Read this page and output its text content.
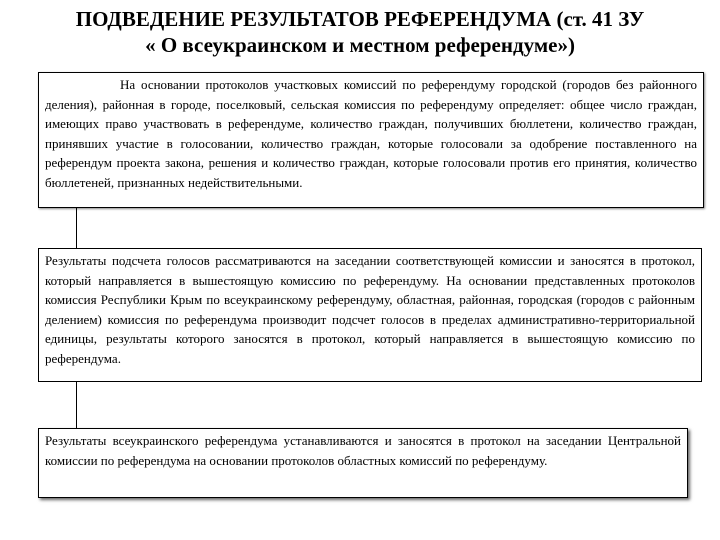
ПОДВЕДЕНИЕ РЕЗУЛЬТАТОВ РЕФЕРЕНДУМА (ст. 41 ЗУ
« О всеукраинском и местном референдуме»)

На основании протоколов участковых комиссий по референдуму городской (городов без районного деления), районная в городе, поселковый, сельская комиссия по референдуму определяет: общее число граждан, имеющих право участвовать в референдуме, количество граждан, получивших бюллетени, количество граждан, принявших участие в голосовании, количество граждан, которые голосовали за одобрение поставленного на референдум проекта закона, решения и количество граждан, которые голосовали против его принятия, количество бюллетеней, признанных недействительными.

Результаты подсчета голосов рассматриваются на заседании соответствующей комиссии и заносятся в протокол, который направляется в вышестоящую комиссию по референдуму. На основании представленных протоколов комиссия Республики Крым по всеукраинскому референдуму, областная, районная, городская (городов с районным делением) комиссия по референдума производит подсчет голосов в пределах административно-территориальной единицы, результаты которого заносятся в протокол, который направляется в вышестоящую комиссию по референдума.

Результаты всеукраинского референдума устанавливаются и заносятся в протокол на заседании Центральной комиссии по референдума на основании протоколов областных комиссий по референдуму.
